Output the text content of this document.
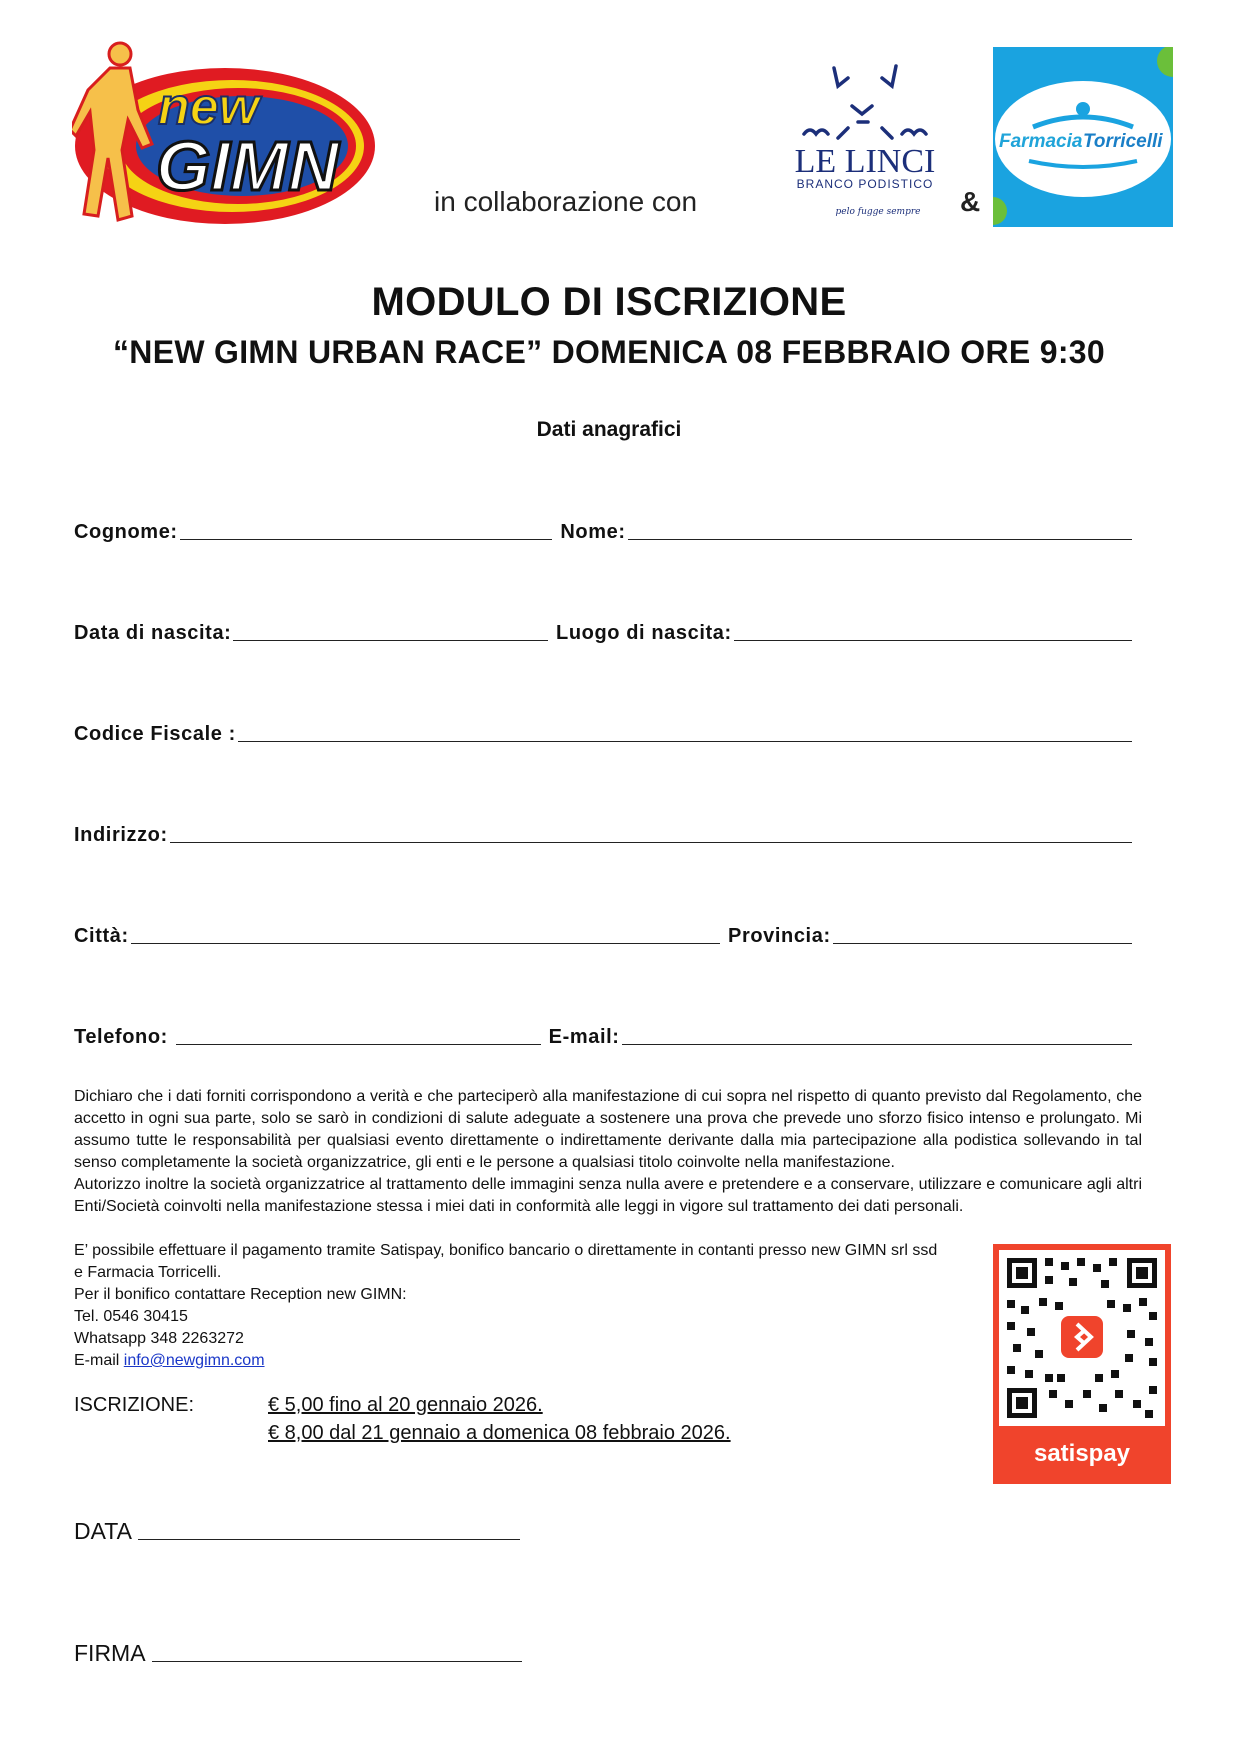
new
GIMN	in collaborazione con
LE LINCI
BRANCO PODISTICO
pelo fugge sempre &
Farmacia Torricelli
MODULO DI ISCRIZIONE
“NEW GIMN URBAN RACE” DOMENICA 08 FEBBRAIO ORE 9:30
Dati anagrafici
Cognome:	Nome:
Data di nascita:	Luogo di nascita:
Codice Fiscale :
Indirizzo:
Città:	Provincia:
Telefono:	E-mail:

Dichiaro che i dati forniti corrispondono a verità e che parteciperò alla manifestazione di cui sopra nel rispetto di quanto previsto dal Regolamento, che accetto in ogni sua parte, solo se sarò in condizioni di salute adeguate a sostenere una prova che prevede uno sforzo fisico intenso e prolungato. Mi assumo tutte le responsabilità per qualsiasi evento direttamente o indirettamente derivante dalla mia partecipazione alla podistica sollevando in tal senso completamente la società organizzatrice, gli enti e le persone a qualsiasi titolo coinvolte nella manifestazione.

Autorizzo inoltre la società organizzatrice al trattamento delle immagini senza nulla avere e pretendere e a conservare, utilizzare e comunicare agli altri Enti/Società coinvolti nella manifestazione stessa i miei dati in conformità alle leggi in vigore sul trattamento dei dati personali.

E’ possibile effettuare il pagamento tramite Satispay, bonifico bancario o direttamente in contanti presso new GIMN srl ssd
e Farmacia Torricelli.
Per il bonifico contattare Reception new GIMN:
Tel. 0546 30415
Whatsapp 348 2263272
E-mail info@newgimn.com
ISCRIZIONE:	€ 5,00 fino al 20 gennaio 2026.
€ 8,00 dal 21 gennaio a domenica 08 febbraio 2026.
satispay
DATA
FIRMA
